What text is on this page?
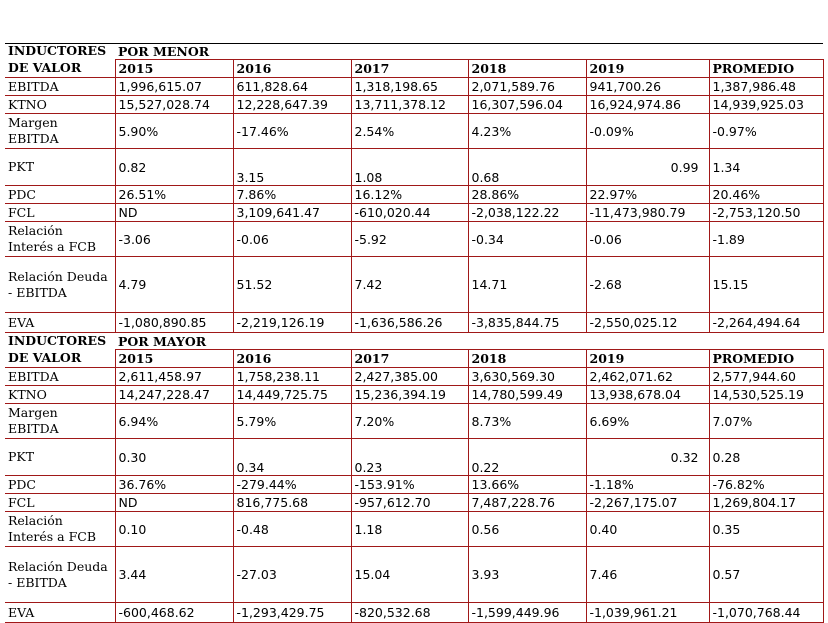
INDUCTORES	POR MENOR					
DE VALOR	2015	2016	2017	2018	2019	PROMEDIO
EBITDA	1,996,615.07	611,828.64	1,318,198.65	2,071,589.76	941,700.26	1,387,986.48
KTNO	15,527,028.74	12,228,647.39	13,711,378.12	16,307,596.04	16,924,974.86	14,939,925.03
Margen EBITDA	5.90%	-17.46%	2.54%	4.23%	-0.09%	-0.97%
PKT	0.82	3.15	1.08	0.68	0.99	1.34
PDC	26.51%	7.86%	16.12%	28.86%	22.97%	20.46%
FCL	ND	3,109,641.47	-610,020.44	-2,038,122.22	-11,473,980.79	-2,753,120.50
Relación Interés a FCB	-3.06	-0.06	-5.92	-0.34	-0.06	-1.89
Relación Deuda - EBITDA	4.79	51.52	7.42	14.71	-2.68	15.15
EVA	-1,080,890.85	-2,219,126.19	-1,636,586.26	-3,835,844.75	-2,550,025.12	-2,264,494.64
INDUCTORES	POR MAYOR					
DE VALOR	2015	2016	2017	2018	2019	PROMEDIO
EBITDA	2,611,458.97	1,758,238.11	2,427,385.00	3,630,569.30	2,462,071.62	2,577,944.60
KTNO	14,247,228.47	14,449,725.75	15,236,394.19	14,780,599.49	13,938,678.04	14,530,525.19
Margen EBITDA	6.94%	5.79%	7.20%	8.73%	6.69%	7.07%
PKT	0.30	0.34	0.23	0.22	0.32	0.28
PDC	36.76%	-279.44%	-153.91%	13.66%	-1.18%	-76.82%
FCL	ND	816,775.68	-957,612.70	7,487,228.76	-2,267,175.07	1,269,804.17
Relación Interés a FCB	0.10	-0.48	1.18	0.56	0.40	0.35
Relación Deuda - EBITDA	3.44	-27.03	15.04	3.93	7.46	0.57
EVA	-600,468.62	-1,293,429.75	-820,532.68	-1,599,449.96	-1,039,961.21	-1,070,768.44
